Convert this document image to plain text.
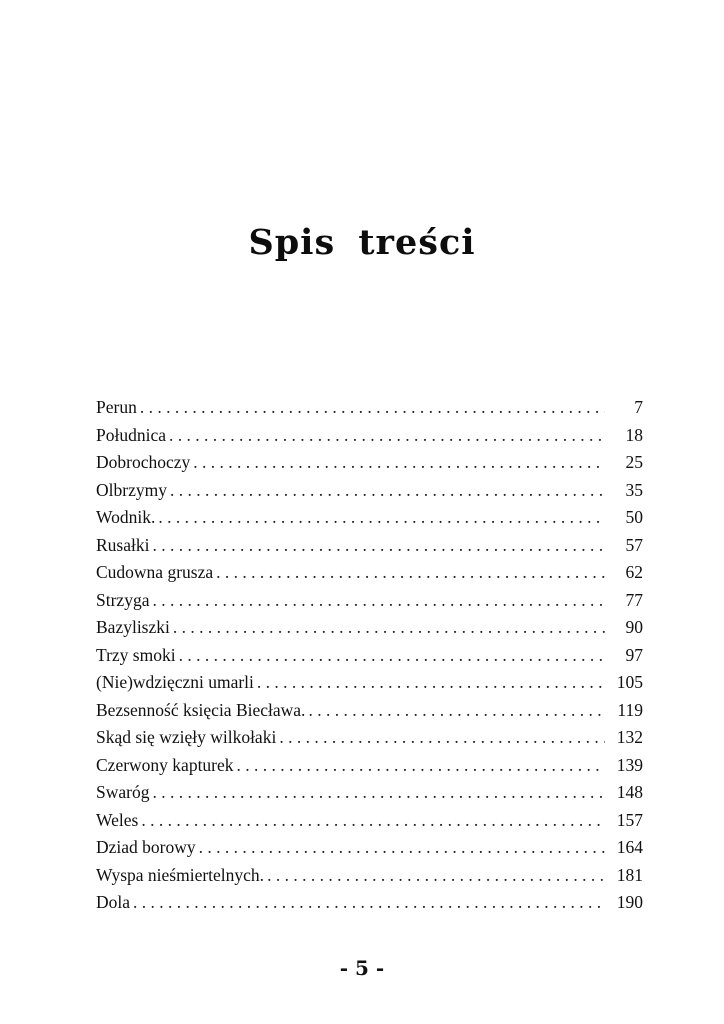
Spis treści
Perun . . .	7
Południca . . .	18
Dobrochoczy . . .	25
Olbrzymy . . .	35
Wodnik. . . .	50
Rusałki . . .	57
Cudowna grusza . . .	62
Strzyga . . .	77
Bazyliszki . . .	90
Trzy smoki . . .	97
(Nie)wdzięczni umarli . . .	105
Bezsenność księcia Biecława. . . .	119
Skąd się wzięły wilkołaki . . .	132
Czerwony kapturek . . .	139
Swaróg . . .	148
Weles . . .	157
Dziad borowy . . .	164
Wyspa nieśmiertelnych. . . .	181
Dola . . .	190
- 5 -
